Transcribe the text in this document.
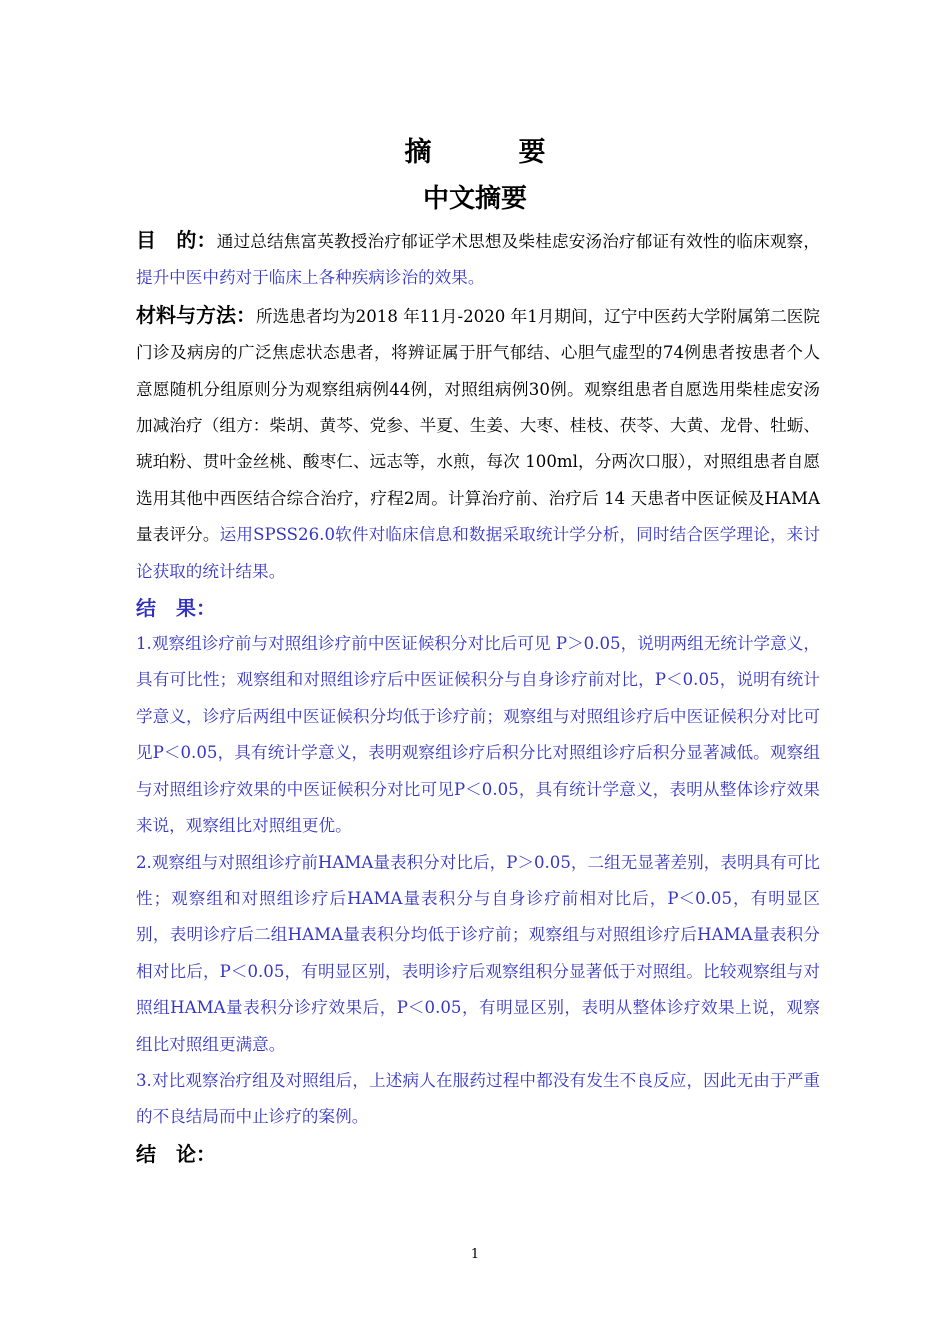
摘　要
中文摘要

目　的：通过总结焦富英教授治疗郁证学术思想及柴桂虑安汤治疗郁证有效性的临床观察，提升中医中药对于临床上各种疾病诊治的效果。

材料与方法：所选患者均为2018 年11月-2020 年1月期间，辽宁中医药大学附属第二医院门诊及病房的广泛焦虑状态患者，将辨证属于肝气郁结、心胆气虚型的74例患者按患者个人意愿随机分组原则分为观察组病例44例，对照组病例30例。观察组患者自愿选用柴桂虑安汤加减治疗（组方：柴胡、黄芩、党参、半夏、生姜、大枣、桂枝、茯苓、大黄、龙骨、牡蛎、琥珀粉、贯叶金丝桃、酸枣仁、远志等，水煎，每次 100ml，分两次口服），对照组患者自愿选用其他中西医结合综合治疗，疗程2周。计算治疗前、治疗后 14 天患者中医证候及HAMA量表评分。运用SPSS26.0软件对临床信息和数据采取统计学分析，同时结合医学理论，来讨论获取的统计结果。

结　果：

1.观察组诊疗前与对照组诊疗前中医证候积分对比后可见 P＞0.05，说明两组无统计学意义，具有可比性；观察组和对照组诊疗后中医证候积分与自身诊疗前对比，P＜0.05，说明有统计学意义，诊疗后两组中医证候积分均低于诊疗前；观察组与对照组诊疗后中医证候积分对比可见P＜0.05，具有统计学意义，表明观察组诊疗后积分比对照组诊疗后积分显著减低。观察组与对照组诊疗效果的中医证候积分对比可见P＜0.05，具有统计学意义，表明从整体诊疗效果来说，观察组比对照组更优。

2.观察组与对照组诊疗前HAMA量表积分对比后，P＞0.05，二组无显著差别，表明具有可比性；观察组和对照组诊疗后HAMA量表积分与自身诊疗前相对比后，P＜0.05，有明显区别，表明诊疗后二组HAMA量表积分均低于诊疗前；观察组与对照组诊疗后HAMA量表积分相对比后，P＜0.05，有明显区别，表明诊疗后观察组积分显著低于对照组。比较观察组与对照组HAMA量表积分诊疗效果后，P＜0.05，有明显区别，表明从整体诊疗效果上说，观察组比对照组更满意。

3.对比观察治疗组及对照组后，上述病人在服药过程中都没有发生不良反应，因此无由于严重的不良结局而中止诊疗的案例。

结　论：

1
